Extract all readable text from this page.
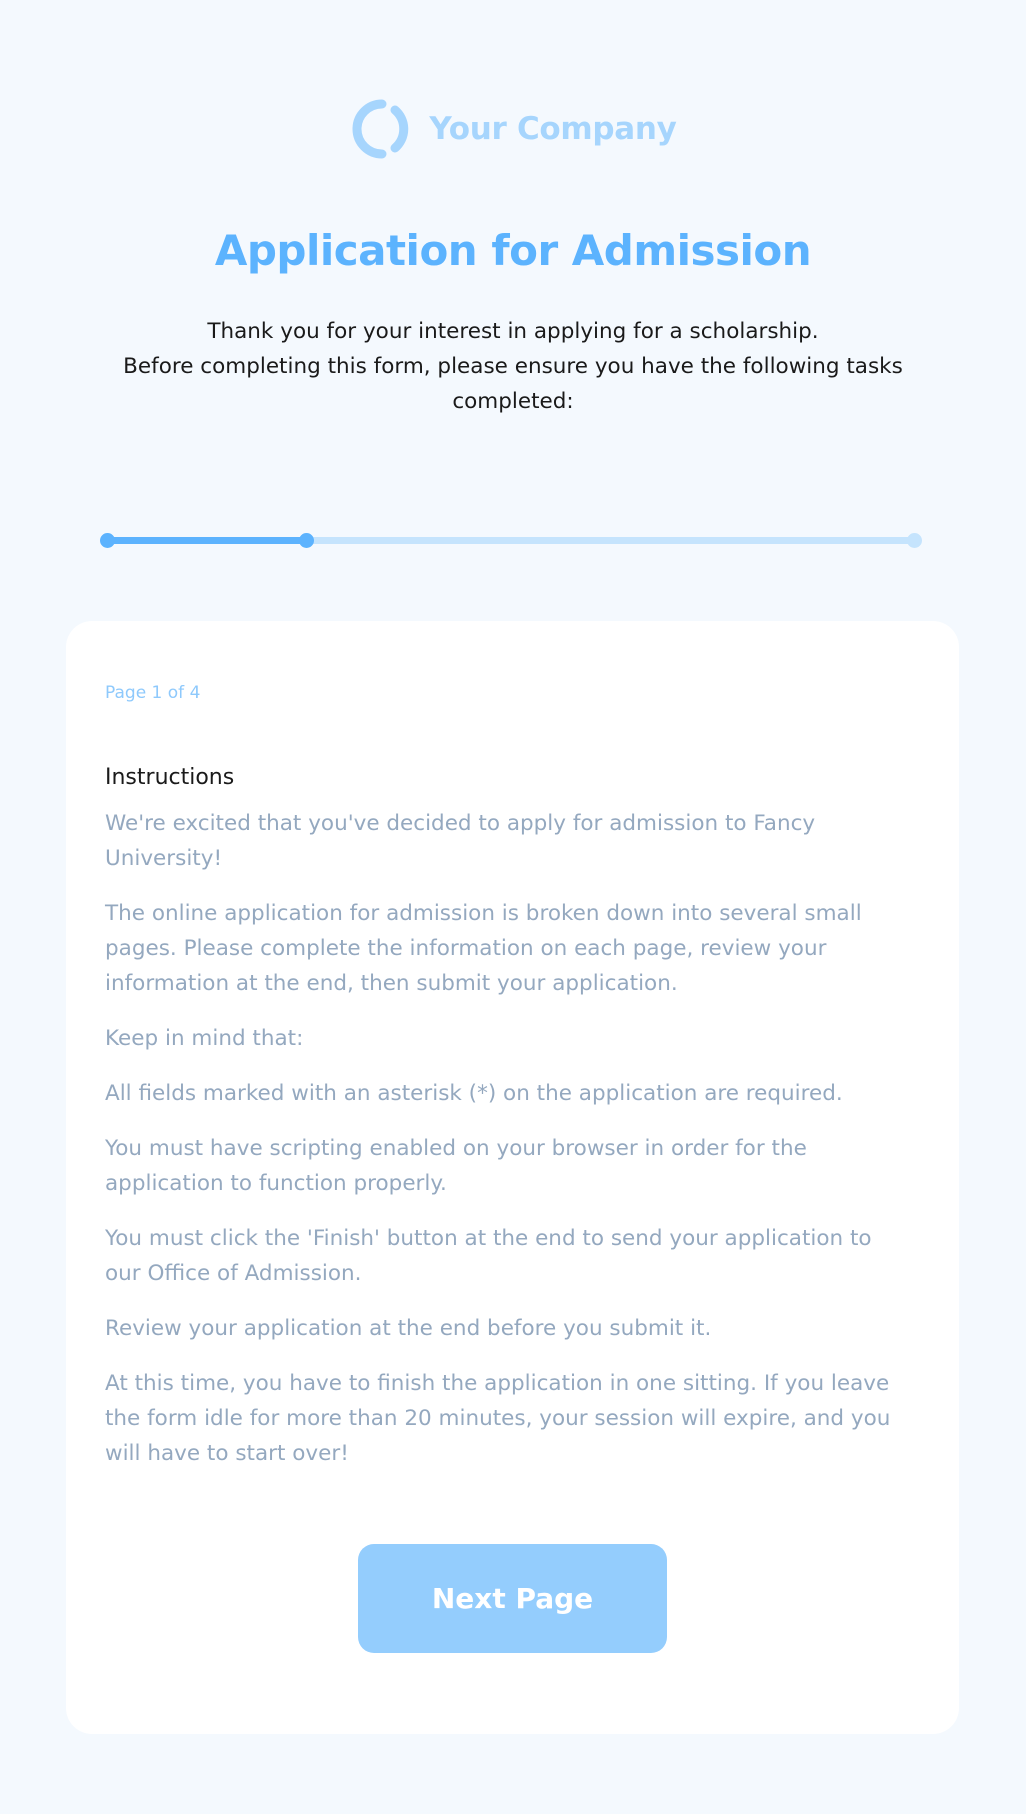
Your Company
Application for Admission

Thank you for your interest in applying for a scholarship.
Before completing this form, please ensure you have the following tasks completed:

Page 1 of 4

Instructions

We're excited that you've decided to apply for admission to Fancy University!

The online application for admission is broken down into several small pages. Please complete the information on each page, review your information at the end, then submit your application.

Keep in mind that:

All fields marked with an asterisk (*) on the application are required.

You must have scripting enabled on your browser in order for the application to function properly.

You must click the 'Finish' button at the end to send your application to our Office of Admission.

Review your application at the end before you submit it.

At this time, you have to finish the application in one sitting. If you leave the form idle for more than 20 minutes, your session will expire, and you will have to start over!

Next Page
